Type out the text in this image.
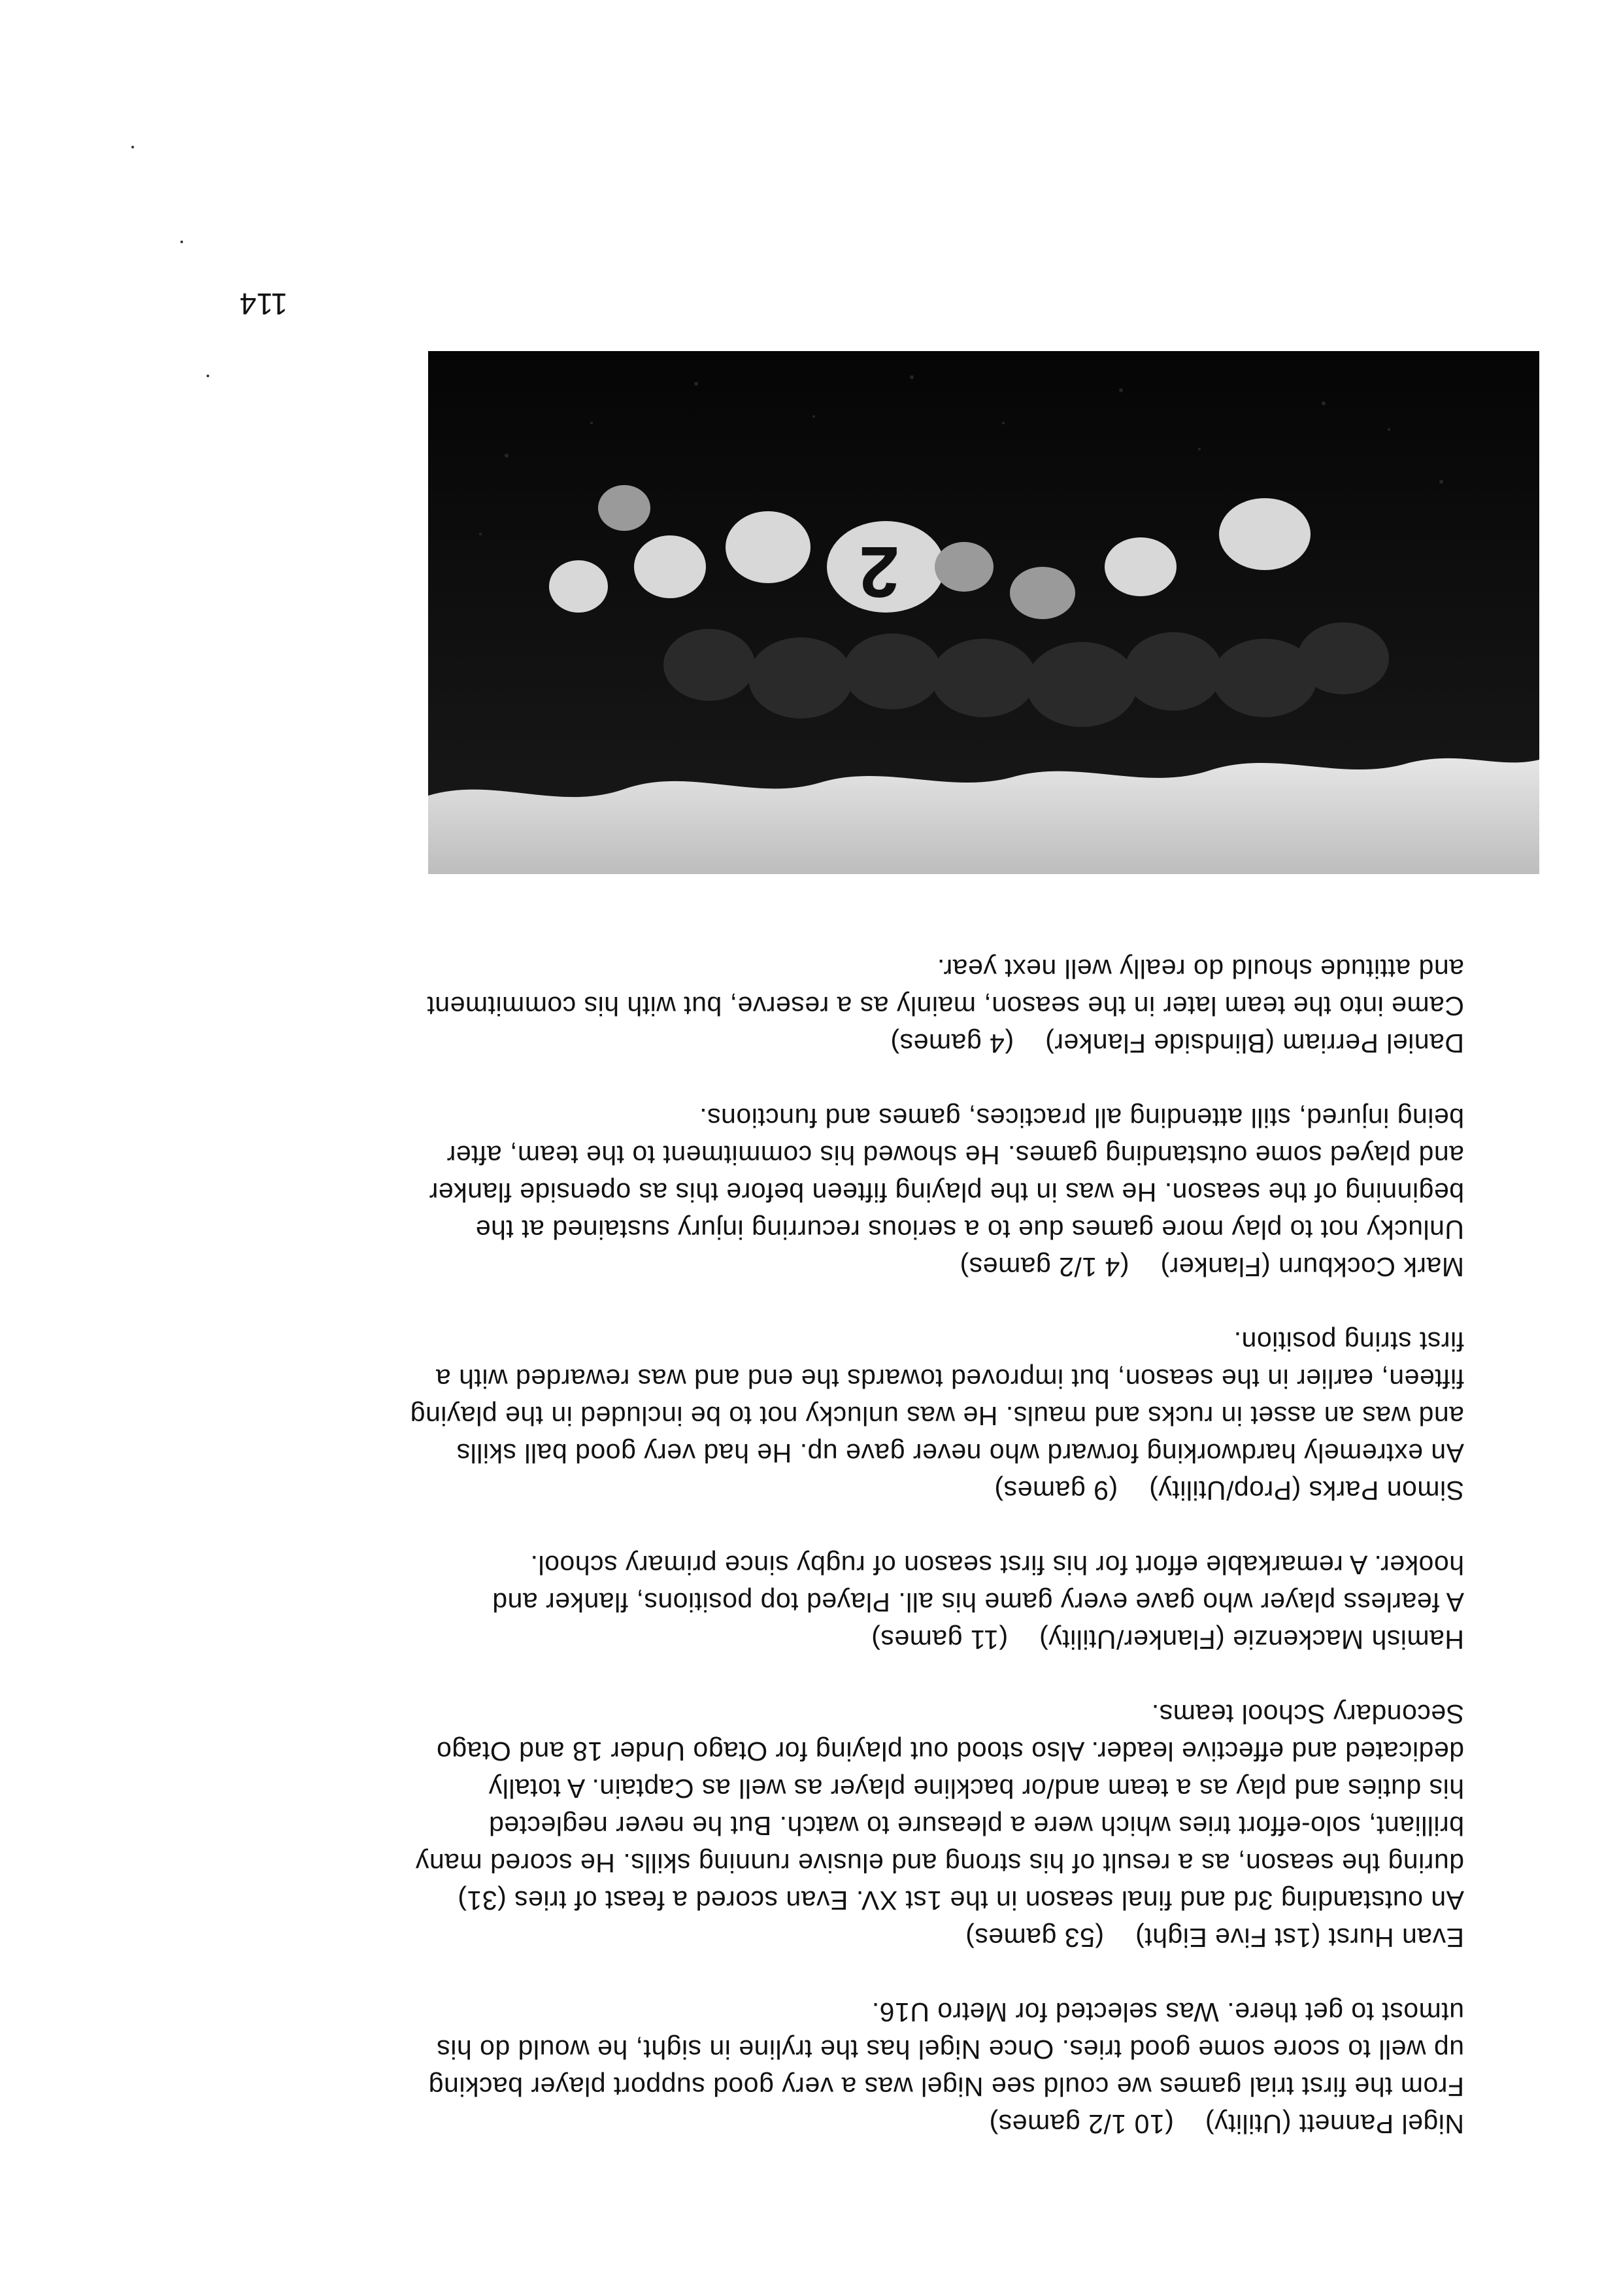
Nigel Pannett (Utility)

(10 1/2 games)

From the first trial games we could see Nigel was a very good support player backing

up well to score some good tries. Once Nigel has the tryline in sight, he would do his

utmost to get there. Was selected for Metro U16.

Evan Hurst (1st Five Eight)

(53 games)

An outstanding 3rd and final season in the 1st XV. Evan scored a feast of tries (31)

during the season, as a result of his strong and elusive running skills. He scored many

brilliant, solo-effort tries which were a pleasure to watch. But he never neglected

his duties and play as a team and/or backline player as well as Captain. A totally

dedicated and effective leader. Also stood out playing for Otago Under 18 and Otago

Secondary School teams.

Hamish Mackenzie (Flanker/Utility)

(11 games)

A fearless player who gave every game his all. Played top positions, flanker and

hooker. A remarkable effort for his first season of rugby since primary school.

Simon Parks (Prop/Utility)

(9 games)

An extremely hardworking forward who never gave up. He had very good ball skills

and was an asset in rucks and mauls. He was unlucky not to be included in the playing

fifteen, earlier in the season, but improved towards the end and was rewarded with a

first string position.

Mark Cockburn (Flanker)

(4 1/2 games)

Unlucky not to play more games due to a serious recurring injury sustained at the

beginning of the season. He was in the playing fifteen before this as openside flanker

and played some outstanding games. He showed his commitment to the team, after

being injured, still attending all practices, games and functions.

Daniel Perriam (Blindside Flanker)

(4 games)

Came into the team later in the season, mainly as a reserve, but with his commitment

and attitude should do really well next year.

2
114
